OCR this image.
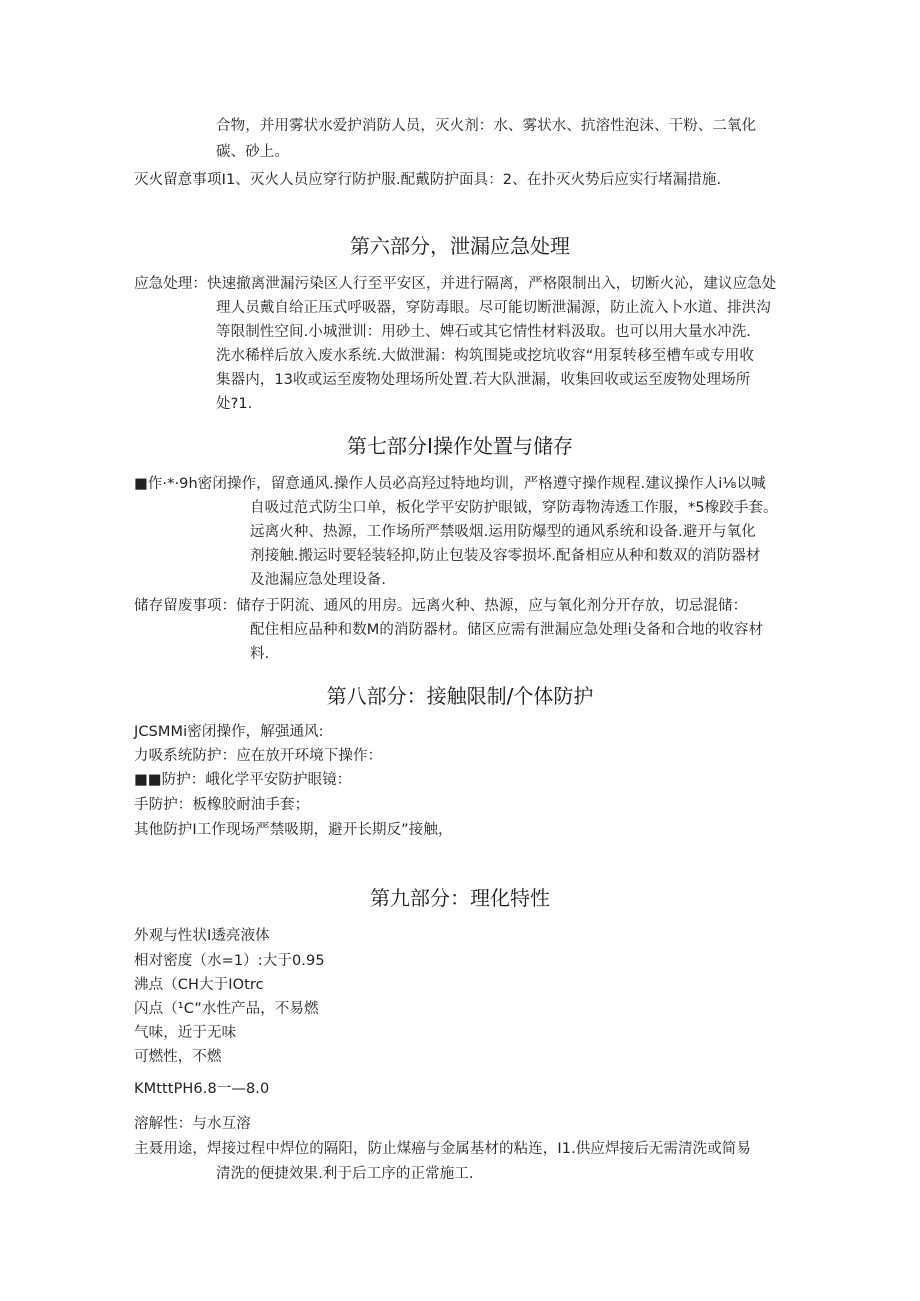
合物，并用雾状水爱护消防人员，灭火剂：水、雾状水、抗溶性泡沫、干粉、二氧化
碳、砂上。
灭火留意事项I1、灭火人员应穿行防护服.配戴防护面具：2、在扑灭火势后应实行堵漏措施.
第六部分，泄漏应急处理
应急处理：快速撤离泄漏污染区人行至平安区，并进行隔离，严格限制出入，切断火沁，建议应急处
理人员戴自给正压式呼吸器，穿防毒眼。尽可能切断泄漏源，防止流入卜水道、排洪沟
等限制性空间.小城泄训：用砂土、婢石或其它情性材料汲取。也可以用大量水冲洗.
洗水稀样后放入废水系统.大做泄漏：构筑围毙或挖坑收容“用泵转移至槽车或专用收
集器内，13收或运至废物处理场所处置.若大队泄漏，收集回收或运至废物处理场所
处?1.
第七部分I操作处置与储存
■作·*·9h密闭操作，留意通风.操作人员必高羟过特地均训，严格遵守操作规程.建议操作人i⅛以喊
自吸过范式防尘口单，板化学平安防护眼钺，穿防毒物涛透工作服，*5橡跤手套。
远离火种、热源，工作场所严禁吸烟.运用防爆型的通风系统和设备.避开与氧化
剂接触.搬运时要轻装轻抑,防止包装及容零损坏.配备相应从种和数双的消防器材
及池漏应急处理设备.
储存留废事项：储存于阴流、通风的用房。远离火种、热源，应与氧化剂分开存放，切忌混储：
配住相应品种和数M的消防器材。储区应需有泄漏应急处理i殳备和合地的收容材
料.
第八部分：接触限制/个体防护
JCSMMi密闭操作，解强通风:
力吸系统防护：应在放开环境下操作：
■■防护：峨化学平安防护眼镜：
手防护：板橡胶耐油手套；
其他防护I工作现场严禁吸期，避开长期反”接触，
第九部分：理化特性
外观与性状I透亮液体
相对密度（水=1）:大于0.95
沸点（CH大于IOtrc
闪点（¹C”水性产品，不易燃
气味，近于无味
可燃性，不燃
KMtttPH6.8一—8.0
溶解性：与水互溶
主聂用途，焊接过程中焊位的隔阳，防止煤癌与金属基材的粘连，I1.供应焊接后无需清洗或简易
清洗的便捷效果.利于后工序的正常施工.
